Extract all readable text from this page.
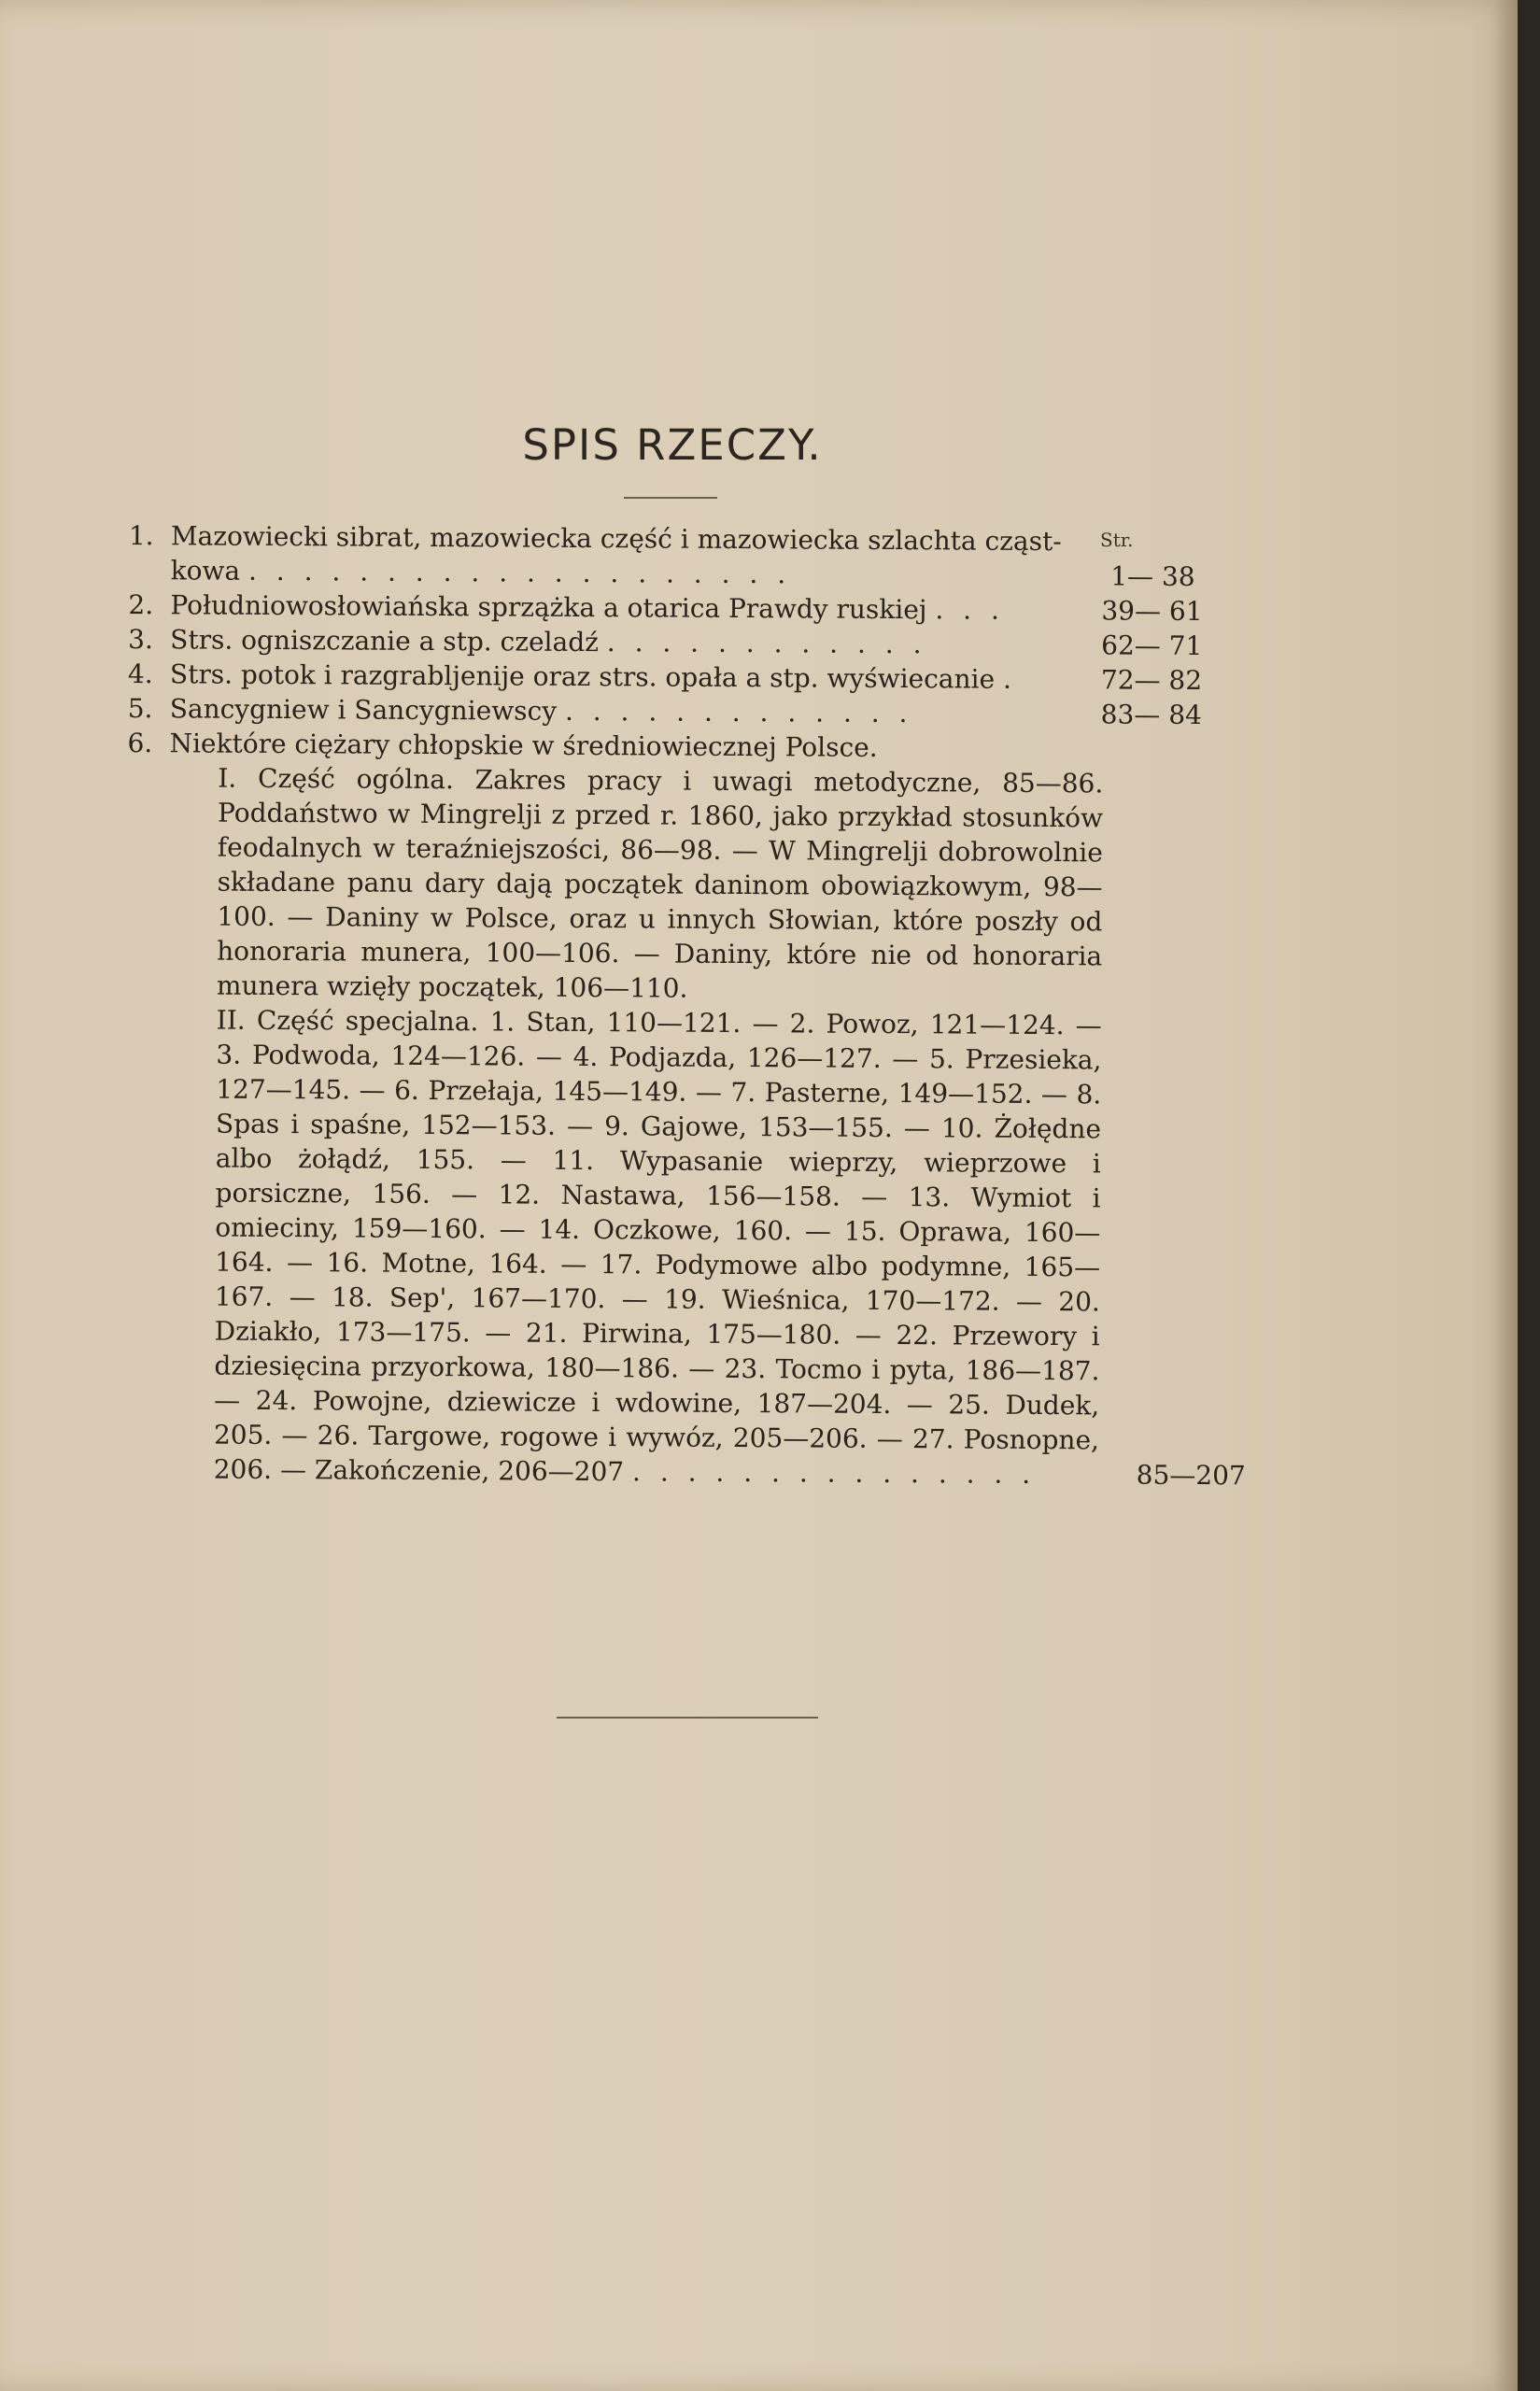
SPIS RZECZY.
Str.
1. Mazowiecki sibrat, mazowiecka część i mazowiecka szlachta cząst-kowa . . . . . . . . . . . . . . . . . . . .	1— 38
2. Południowosłowiańska sprzążka a otarica Prawdy ruskiej . . .	39— 61
3. Strs. ogniszczanie a stp. czeladź . . . . . . . . . . . .	62— 71
4. Strs. potok i razgrabljenije oraz strs. opała a stp. wyświecanie .	72— 82
5. Sancygniew i Sancygniewscy . . . . . . . . . . . . .	83— 84
6. Niektóre ciężary chłopskie w średniowiecznej Polsce.
I. Część ogólna. Zakres pracy i uwagi metodyczne, 85—86. Poddaństwo w Mingrelji z przed r. 1860, jako przykład stosunków feodalnych w teraźniejszości, 86—98. — W Mingrelji dobrowolnie składane panu dary dają początek daninom obowiązkowym, 98—100. — Daniny w Polsce, oraz u innych Słowian, które poszły od honoraria munera, 100—106. — Daniny, które nie od honoraria munera wzięły początek, 106—110.
II. Część specjalna. 1. Stan, 110—121. — 2. Powoz, 121—124. — 3. Podwoda, 124—126. — 4. Podjazda, 126—127. — 5. Przesieka, 127—145. — 6. Przełaja, 145—149. — 7. Pasterne, 149—152. — 8. Spas i spaśne, 152—153. — 9. Gajowe, 153—155. — 10. Żołędne albo żołądź, 155. — 11. Wypasanie wieprzy, wieprzowe i porsiczne, 156. — 12. Nastawa, 156—158. — 13. Wymiot i omieciny, 159—160. — 14. Oczkowe, 160. — 15. Oprawa, 160—164. — 16. Motne, 164. — 17. Podymowe albo podymne, 165—167. — 18. Sep', 167—170. — 19. Wieśnica, 170—172. — 20. Dziakło, 173—175. — 21. Pirwina, 175—180. — 22. Przewory i dziesięcina przyorkowa, 180—186. — 23. Tocmo i pyta, 186—187. — 24. Powojne, dziewicze i wdowine, 187—204. — 25. Dudek, 205. — 26. Targowe, rogowe i wywóz, 205—206. — 27. Posnopne, 206. — Zakończenie, 206—207 . . . . . . . . . . . . . . .	85—207
